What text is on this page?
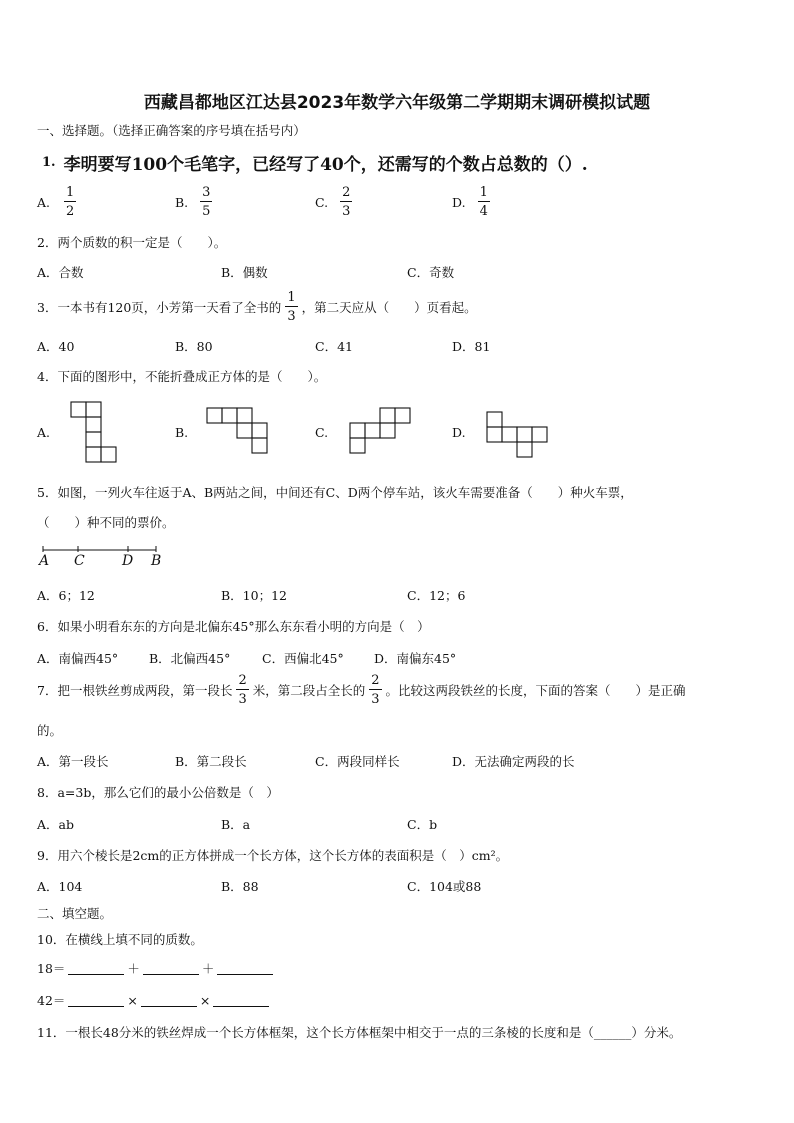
西藏昌都地区江达县2023年数学六年级第二学期期末调研模拟试题
一、选择题。（选择正确答案的序号填在括号内）
1. 李明要写100个毛笔字，已经写了40个，还需写的个数占总数的（）.
A. $\frac{1}{2}$	B. $\frac{3}{5}$	C. $\frac{2}{3}$	D. $\frac{1}{4}$
2．两个质数的积一定是（　　）。
A．合数	B．偶数	C．奇数
3．一本书有120页，小芳第一天看了全书的 $\frac{1}{3}$ ，第二天应从（　　）页看起。
A．40	B．80	C．41	D．81
4．下面的图形中，不能折叠成正方体的是（　　）。
A.	B.	C.	D.
5．如图，一列火车往返于A、B两站之间，中间还有C、D两个停车站，该火车需要准备（　　）种火车票，
（　　）种不同的票价。
A C	D B
A．6；12	B．10；12	C．12；6
6．如果小明看东东的方向是北偏东45°那么东东看小明的方向是（　）
A．南偏西45° B．北偏西45°	C．西偏北45° D．南偏东45°
7．把一根铁丝剪成两段，第一段长 $\frac{2}{3}$ 米，第二段占全长的 $\frac{2}{3}$ 。比较这两段铁丝的长度，下面的答案（　　）是正确
的。
A．第一段长	B．第二段长	C．两段同样长	D．无法确定两段的长
8．a=3b，那么它们的最小公倍数是（　）
A．ab	B．a	C．b
9．用六个棱长是2cm的正方体拼成一个长方体，这个长方体的表面积是（　）cm²。
A．104	B．88	C．104或88
二、填空题。
10．在横线上填不同的质数。
18＝	＋	＋
42＝	×	×
11．一根长48分米的铁丝焊成一个长方体框架，这个长方体框架中相交于一点的三条棱的长度和是（______）分米。
